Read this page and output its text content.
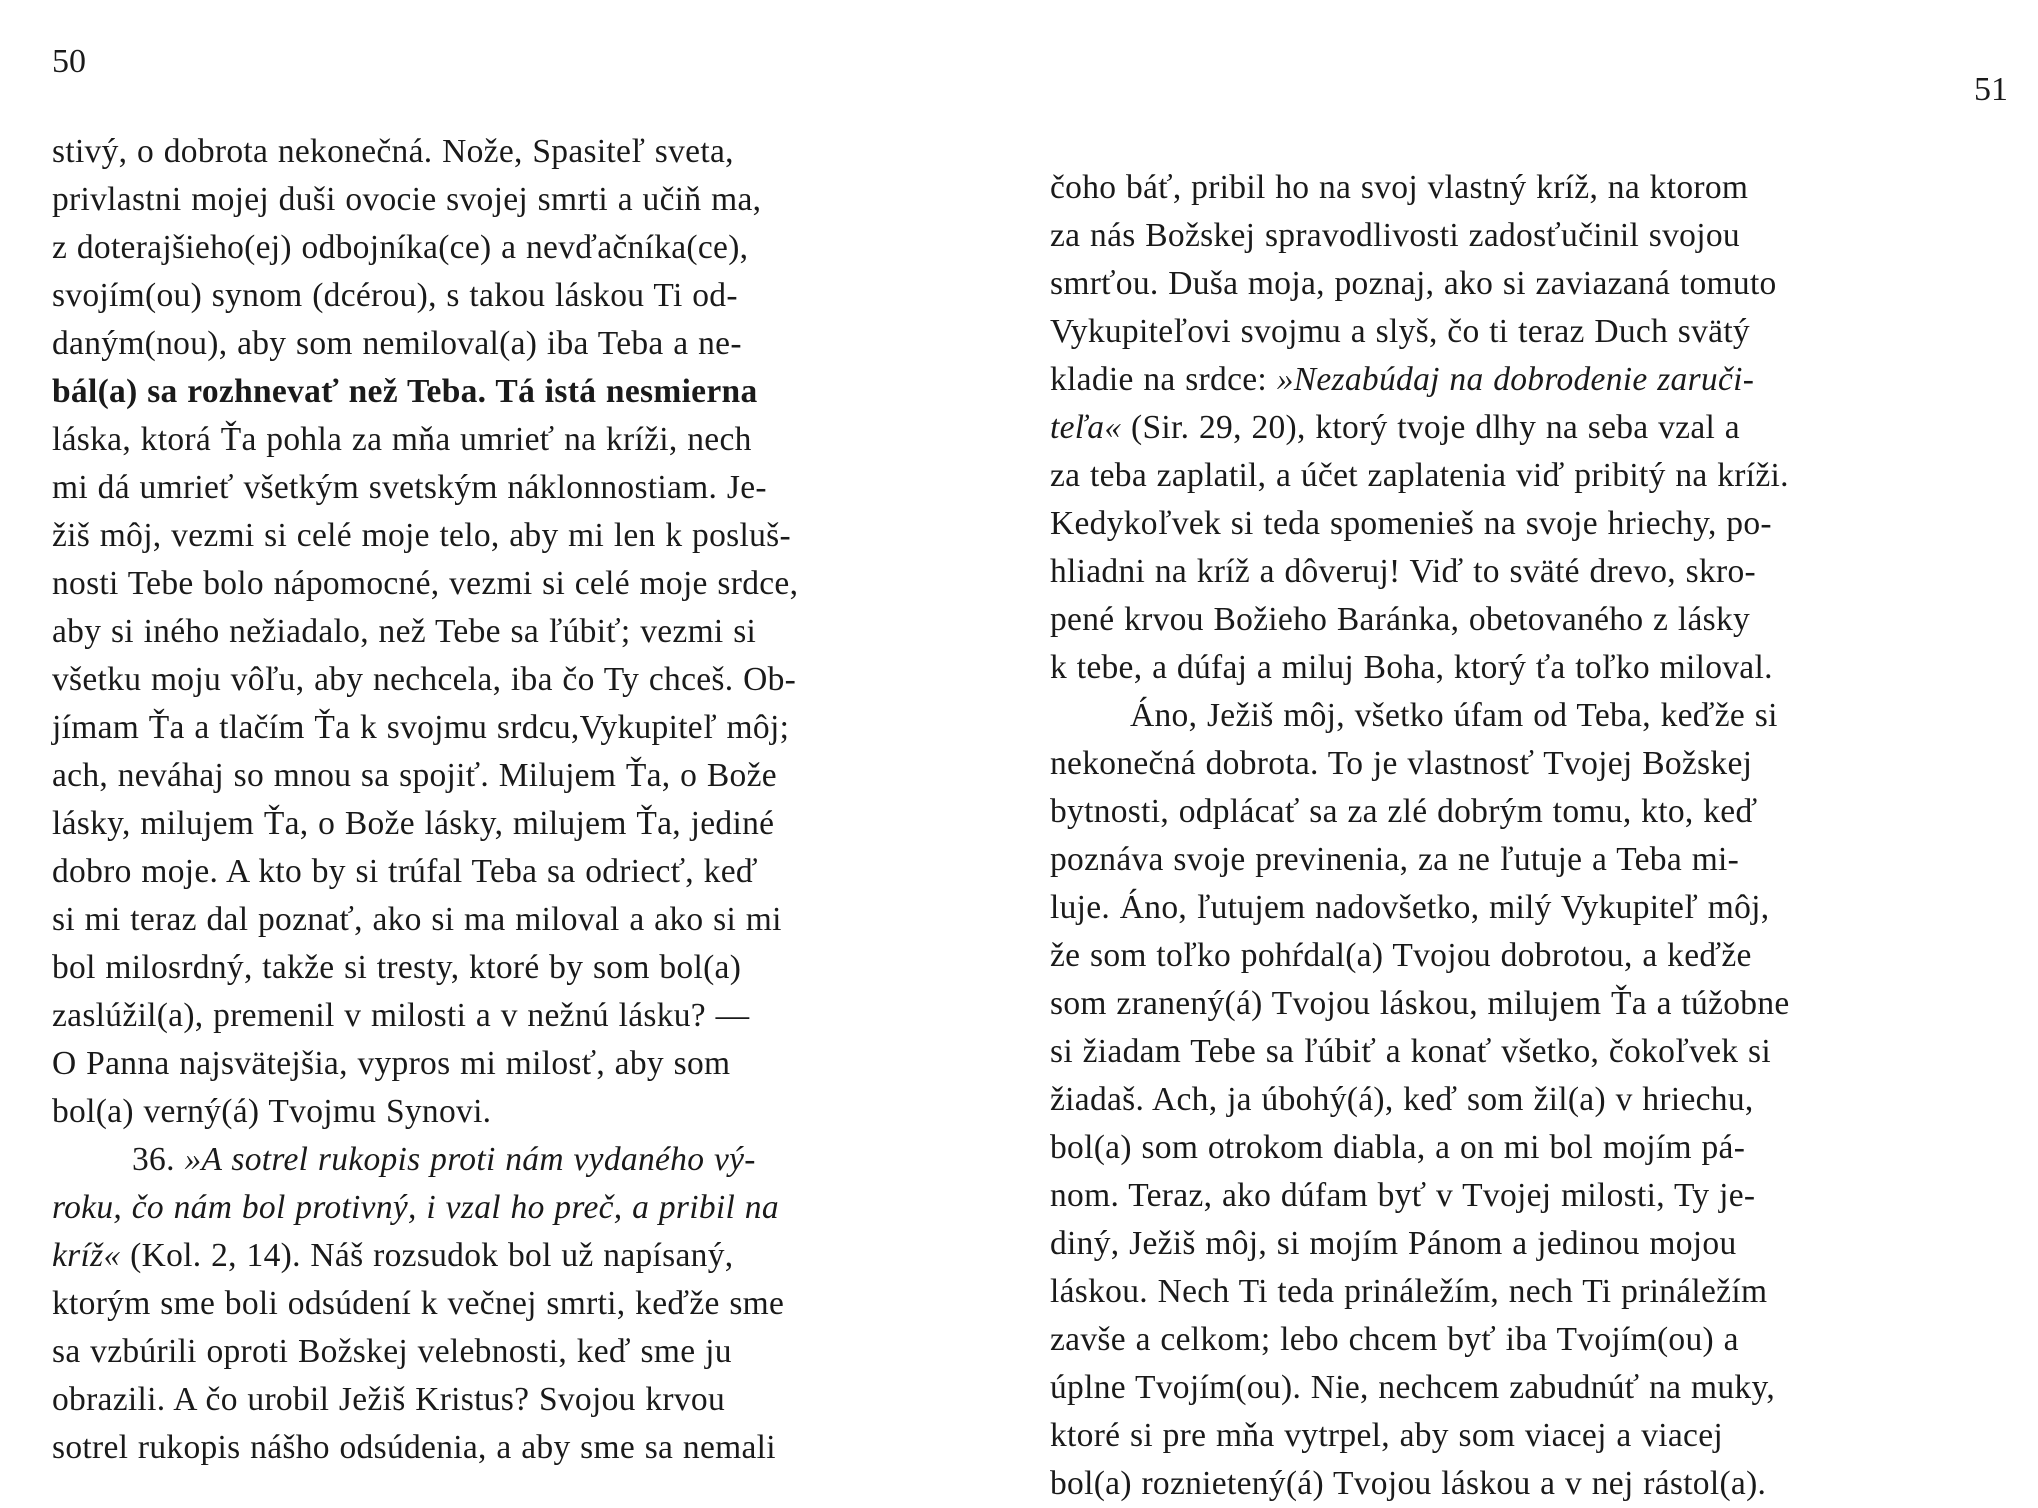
50

stivý, o dobrota nekonečná. Nože, Spasiteľ sveta,
privlastni mojej duši ovocie svojej smrti a učiň ma,
z doterajšieho(ej) odbojníka(ce) a nevďačníka(ce),
svojím(ou) synom (dcérou), s takou láskou Ti od-
daným(nou), aby som nemiloval(a) iba Teba a ne-
bál(a) sa rozhnevať než Teba. Tá istá nesmierna
láska, ktorá Ťa pohla za mňa umrieť na kríži, nech
mi dá umrieť všetkým svetským náklonnostiam. Je-
žiš môj, vezmi si celé moje telo, aby mi len k posluš-
nosti Tebe bolo nápomocné, vezmi si celé moje srdce,
aby si iného nežiadalo, než Tebe sa ľúbiť; vezmi si
všetku moju vôľu, aby nechcela, iba čo Ty chceš. Ob-
jímam Ťa a tlačím Ťa k svojmu srdcu,Vykupiteľ môj;
ach, neváhaj so mnou sa spojiť. Milujem Ťa, o Bože
lásky, milujem Ťa, o Bože lásky, milujem Ťa, jediné
dobro moje. A kto by si trúfal Teba sa odriecť, keď
si mi teraz dal poznať, ako si ma miloval a ako si mi
bol milosrdný, takže si tresty, ktoré by som bol(a)
zaslúžil(a), premenil v milosti a v nežnú lásku? —
O Panna najsvätejšia, vypros mi milosť, aby som
bol(a) verný(á) Tvojmu Synovi.
36. »A sotrel rukopis proti nám vydaného vý-
roku, čo nám bol protivný, i vzal ho preč, a pribil na
kríž« (Kol. 2, 14). Náš rozsudok bol už napísaný,
ktorým sme boli odsúdení k večnej smrti, keďže sme
sa vzbúrili oproti Božskej velebnosti, keď sme ju
obrazili. A čo urobil Ježiš Kristus? Svojou krvou
sotrel rukopis nášho odsúdenia, a aby sme sa nemali

51

čoho báť, pribil ho na svoj vlastný kríž, na ktorom
za nás Božskej spravodlivosti zadosťučinil svojou
smrťou. Duša moja, poznaj, ako si zaviazaná tomuto
Vykupiteľovi svojmu a slyš, čo ti teraz Duch svätý
kladie na srdce: »Nezabúdaj na dobrodenie zaruči-
teľa« (Sir. 29, 20), ktorý tvoje dlhy na seba vzal a
za teba zaplatil, a účet zaplatenia viď pribitý na kríži.
Kedykoľvek si teda spomenieš na svoje hriechy, po-
hliadni na kríž a dôveruj! Viď to sväté drevo, skro-
pené krvou Božieho Baránka, obetovaného z lásky
k tebe, a dúfaj a miluj Boha, ktorý ťa toľko miloval.
Áno, Ježiš môj, všetko úfam od Teba, keďže si
nekonečná dobrota. To je vlastnosť Tvojej Božskej
bytnosti, odplácať sa za zlé dobrým tomu, kto, keď
poznáva svoje previnenia, za ne ľutuje a Teba mi-
luje. Áno, ľutujem nadovšetko, milý Vykupiteľ môj,
že som toľko pohŕdal(a) Tvojou dobrotou, a keďže
som zranený(á) Tvojou láskou, milujem Ťa a túžobne
si žiadam Tebe sa ľúbiť a konať všetko, čokoľvek si
žiadaš. Ach, ja úbohý(á), keď som žil(a) v hriechu,
bol(a) som otrokom diabla, a on mi bol mojím pá-
nom. Teraz, ako dúfam byť v Tvojej milosti, Ty je-
diný, Ježiš môj, si mojím Pánom a jedinou mojou
láskou. Nech Ti teda prináležím, nech Ti prináležím
zavše a celkom; lebo chcem byť iba Tvojím(ou) a
úplne Tvojím(ou). Nie, nechcem zabudnúť na muky,
ktoré si pre mňa vytrpel, aby som viacej a viacej
bol(a) roznietený(á) Tvojou láskou a v nej rástol(a).
